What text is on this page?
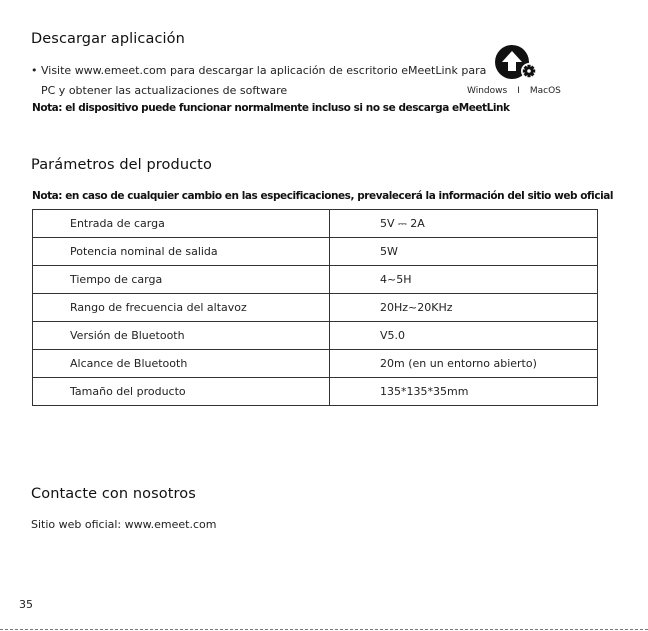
Descargar aplicación
• Visite www.emeet.com para descargar la aplicación de escritorio eMeetLink para
PC y obtener las actualizaciones de software
Nota: el dispositivo puede funcionar normalmente incluso si no se descarga eMeetLink
Windows I MacOS
Parámetros del producto
Nota: en caso de cualquier cambio en las especificaciones, prevalecerá la información del sitio web oficial
Entrada de carga	5V ⎓ 2A
Potencia nominal de salida	5W
Tiempo de carga	4~5H
Rango de frecuencia del altavoz	20Hz~20KHz
Versión de Bluetooth	V5.0
Alcance de Bluetooth	20m (en un entorno abierto)
Tamaño del producto	135*135*35mm
Contacte con nosotros
Sitio web oficial: www.emeet.com
35
